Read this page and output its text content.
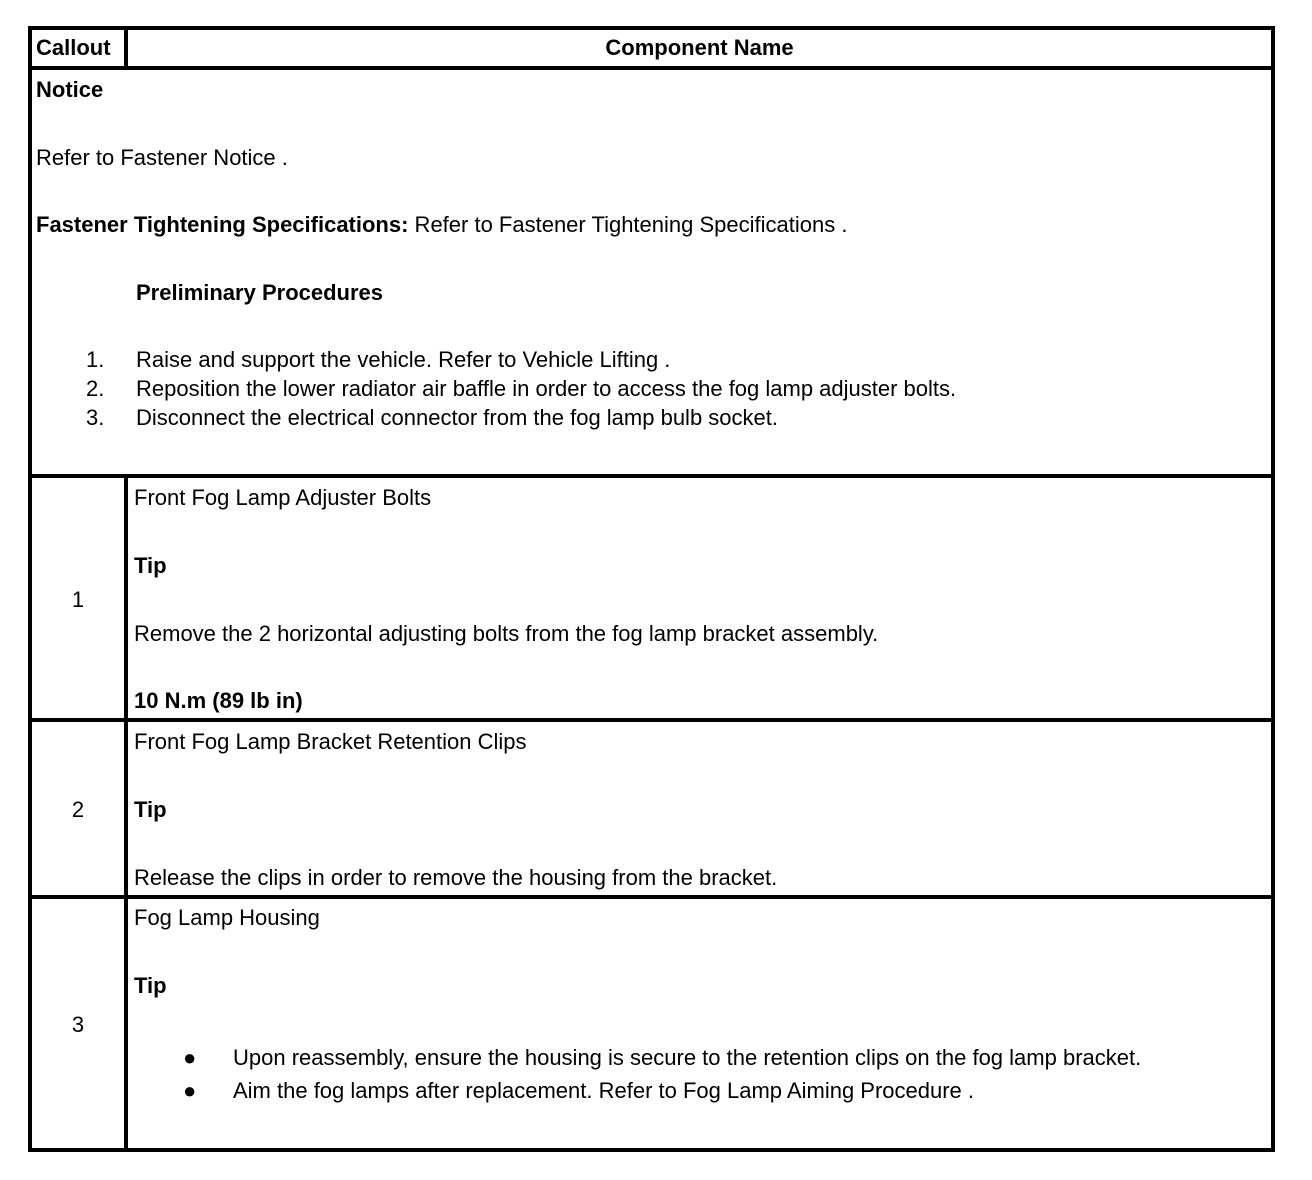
Callout	Component Name
Notice
Refer to Fastener Notice .
Fastener Tightening Specifications: Refer to Fastener Tightening Specifications .
Preliminary Procedures
1. Raise and support the vehicle. Refer to Vehicle Lifting .
2. Reposition the lower radiator air baffle in order to access the fog lamp adjuster bolts.
3. Disconnect the electrical connector from the fog lamp bulb socket.
1
Front Fog Lamp Adjuster Bolts
Tip
Remove the 2 horizontal adjusting bolts from the fog lamp bracket assembly.
10 N.m (89 lb in)
2
Front Fog Lamp Bracket Retention Clips
Tip
Release the clips in order to remove the housing from the bracket.
3
Fog Lamp Housing
Tip
● Upon reassembly, ensure the housing is secure to the retention clips on the fog lamp bracket.
● Aim the fog lamps after replacement. Refer to Fog Lamp Aiming Procedure .
